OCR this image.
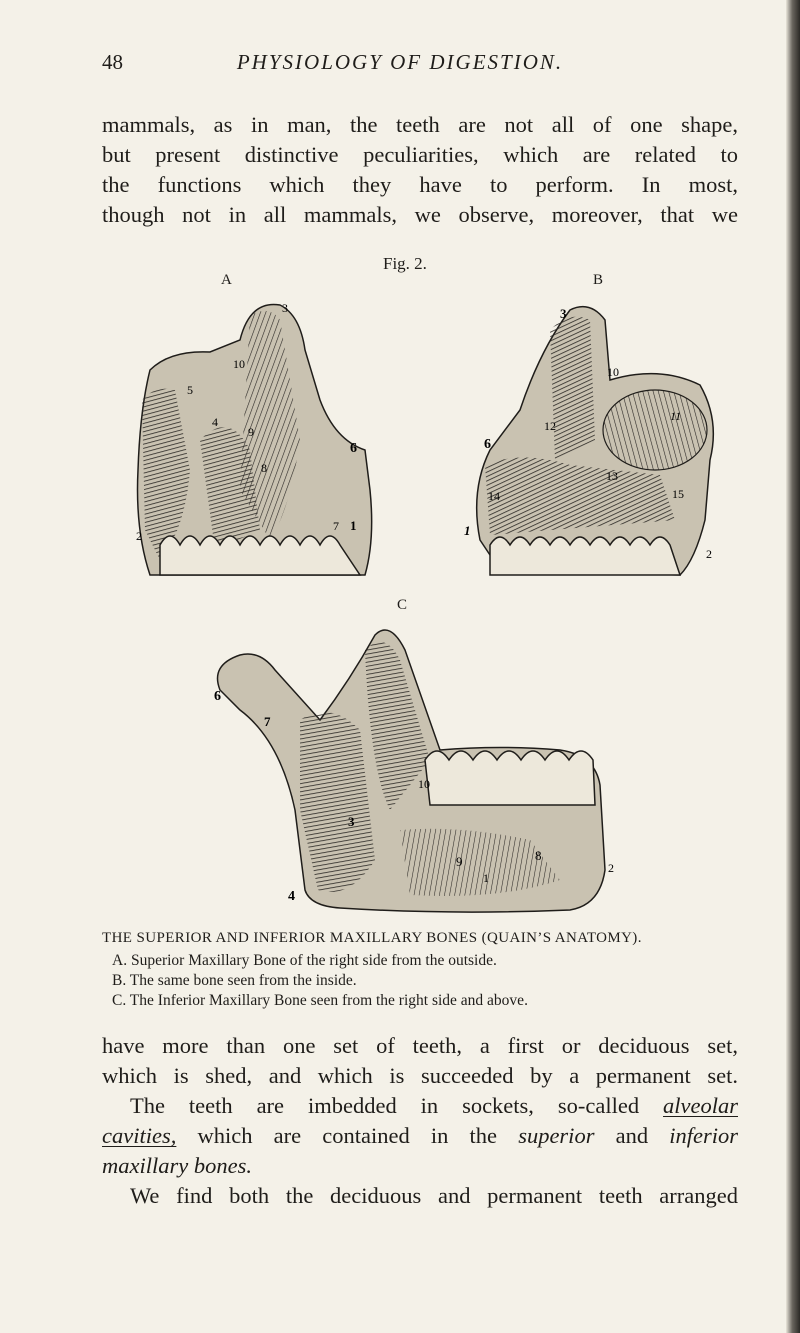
48	PHYSIOLOGY OF DIGESTION.

mammals, as in man, the teeth are not all of one shape,
but present distinctive peculiarities, which are related to
the functions which they have to perform. In most,
though not in all mammals, we observe, moreover, that we

Fig. 2.
A	B
C
3
10
5
4
9
8
6
2
7 1
3
10
12
11
6
13
14	15
1
2
6
7
10
3
9	8
1
2
4
THE SUPERIOR AND INFERIOR MAXILLARY BONES (QUAIN’S ANATOMY).
A. Superior Maxillary Bone of the right side from the outside.
B. The same bone seen from the inside.
C. The Inferior Maxillary Bone seen from the right side and above.

have more than one set of teeth, a first or deciduous set,
which is shed, and which is succeeded by a permanent set.
The teeth are imbedded in sockets, so-called alveolar
cavities, which are contained in the superior and inferior
maxillary bones.
We find both the deciduous and permanent teeth arranged
